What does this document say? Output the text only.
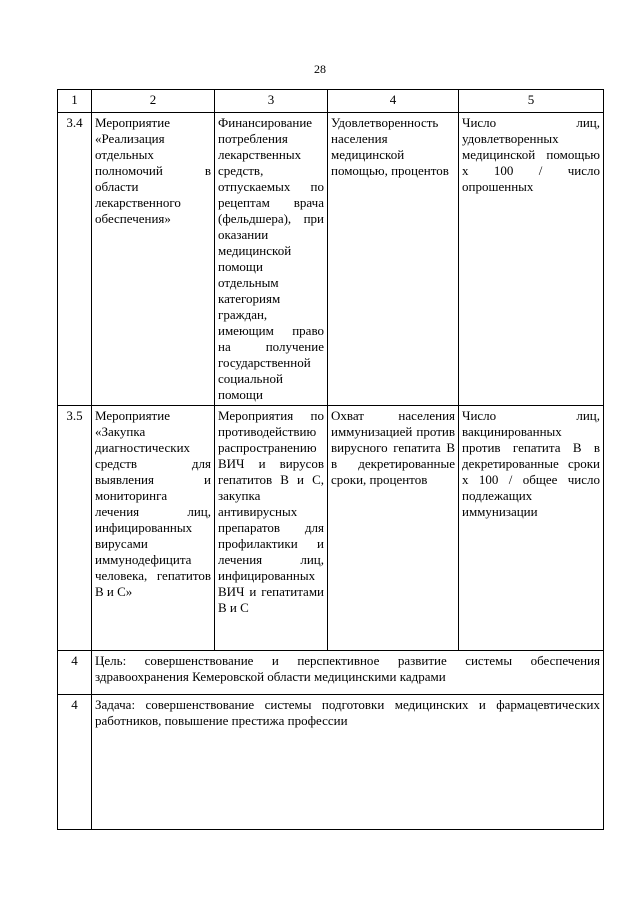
28
1	2	3	4	5
3.4	Мероприятие «Реализация отдельных полномочий в области лекарственного обеспечения»	Финансирование потребления лекарственных средств, отпускаемых по рецептам врача (фельдшера), при оказании медицинской помощи отдельным категориям граждан, имеющим право на получение государственной социальной помощи	Удовлетворенность населения медицинской помощью, процентов	Число лиц, удовлетворенных медицинской помощью х 100 / число опрошенных
3.5	Мероприятие «Закупка диагностических средств для выявления и мониторинга лечения лиц, инфицированных вирусами иммунодефицита человека, гепатитов В и С»	Мероприятия по противодействию распространению ВИЧ и вирусов гепатитов В и С, закупка антивирусных препаратов для профилактики и лечения лиц, инфицированных ВИЧ и гепатитами В и С	Охват населения иммунизацией против вирусного гепатита В в декретированные сроки, процентов	Число лиц, вакцинированных против гепатита В в декретированные сроки х 100 / общее число подлежащих иммунизации
4	Цель: совершенствование и перспективное развитие системы обеспечения здравоохранения Кемеровской области медицинскими кадрами			
4	Задача: совершенствование системы подготовки медицинских и фармацевтических работников, повышение престижа профессии			
